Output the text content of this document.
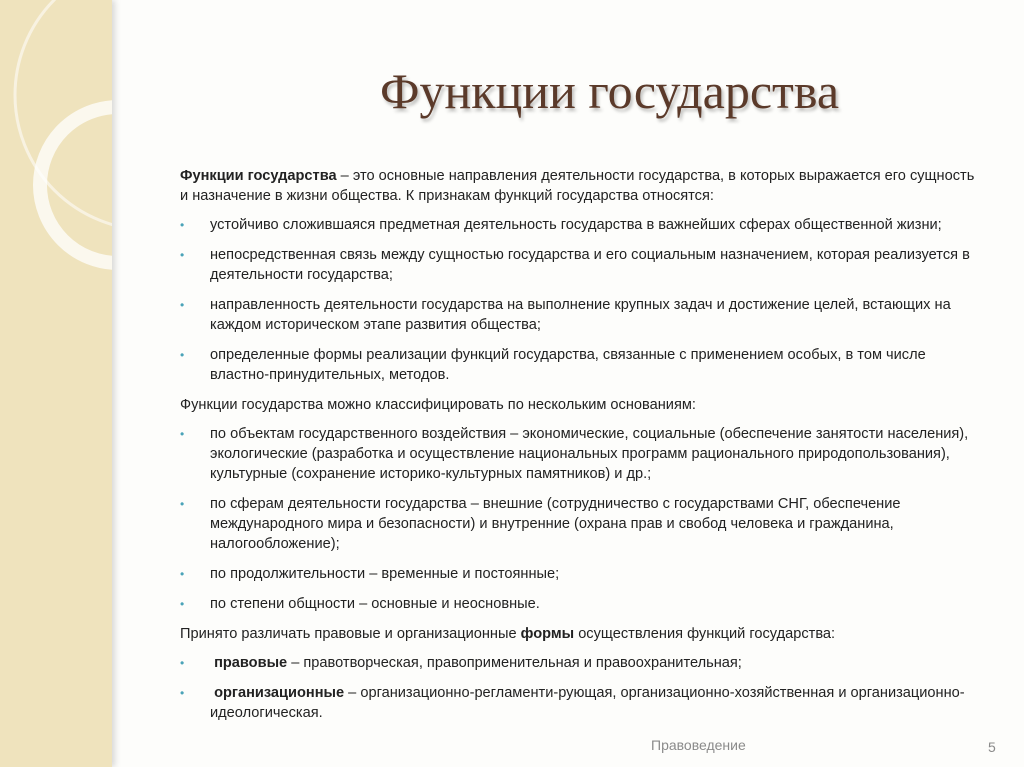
Функции государства

Функции государства – это основные направления деятельности государства, в которых выражается его сущность и назначение в жизни общества. К признакам функций государства относятся:

•	устойчиво сложившаяся предметная деятельность государства в важнейших сферах общественной жизни;
•	непосредственная связь между сущностью государства и его социальным назначением, которая реализуется в деятельности государства;
•	направленность деятельности государства на выполнение крупных задач и достижение целей, встающих на каждом историческом этапе развития общества;
•	определенные формы реализации функций государства, связанные с применением особых, в том числе властно-принудительных, методов.

Функции государства можно классифицировать по нескольким основаниям:

•	по объектам государственного воздействия – экономические, социальные (обеспечение занятости населения), экологические (разработка и осуществление национальных программ рационального природопользования), культурные (сохранение историко-культурных памятников) и др.;
•	по сферам деятельности государства – внешние (сотрудничество с государствами СНГ, обеспечение международного мира и безопасности) и внутренние (охрана прав и свобод человека и гражданина, налогообложение);
•	по продолжительности – временные и постоянные;
•	по степени общности – основные и неосновные.

Принято различать правовые и организационные формы осуществления функций государства:

•	правовые – правотворческая, правоприменительная и правоохранительная;
•	организационные – организационно-регламенти-рующая, организационно-хозяйственная и организационно-идеологическая.
Правоведение	5
